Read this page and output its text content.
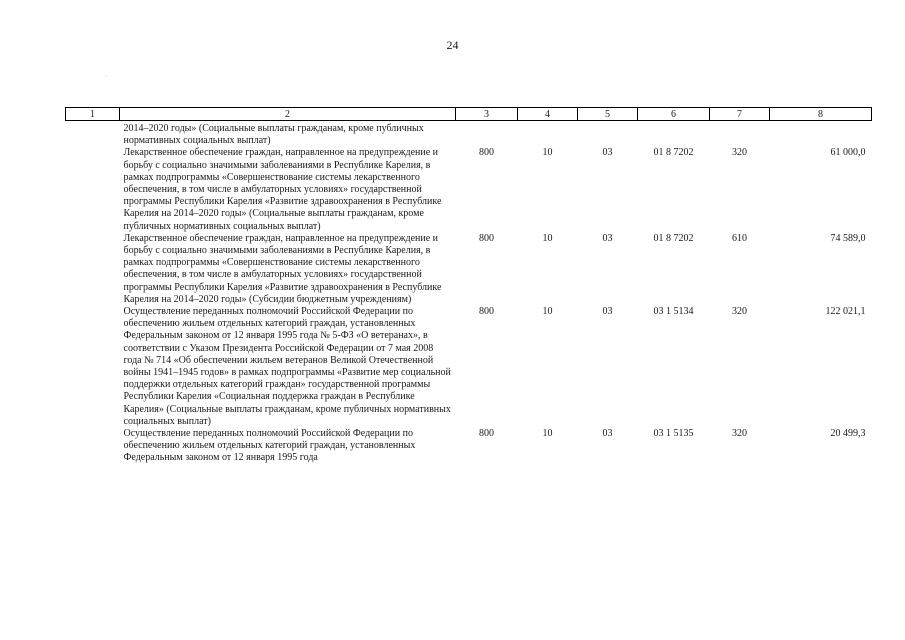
24
·
1	2	3	4	5	6	7	8
	2014–2020 годы» (Социальные выплаты гражданам, кроме публичных нормативных социальных выплат)						
	Лекарственное обеспечение граждан, направленное на предупреждение и борьбу с социально значимыми заболеваниями в Республике Карелия, в рамках подпрограммы «Совершенствование системы лекарственного обеспечения, в том числе в амбулаторных условиях» государственной программы Республики Карелия «Развитие здравоохранения в Республике Карелия на 2014–2020 годы» (Социальные выплаты гражданам, кроме публичных нормативных социальных выплат)	800	10	03	01 8 7202	320	61 000,0
	Лекарственное обеспечение граждан, направленное на предупреждение и борьбу с социально значимыми заболеваниями в Республике Карелия, в рамках подпрограммы «Совершенствование системы лекарственного обеспечения, в том числе в амбулаторных условиях» государственной программы Республики Карелия «Развитие здравоохранения в Республике Карелия на 2014–2020 годы» (Субсидии бюджетным учреждениям)	800	10	03	01 8 7202	610	74 589,0
	Осуществление переданных полномочий Российской Федерации по обеспечению жильем отдельных категорий граждан, установленных Федеральным законом от 12 января 1995 года № 5-ФЗ «О ветеранах», в соответствии с Указом Президента Российской Федерации от 7 мая 2008 года № 714 «Об обеспечении жильем ветеранов Великой Отечественной войны 1941–1945 годов» в рамках подпрограммы «Развитие мер социальной поддержки отдельных категорий граждан» государственной программы Республики Карелия «Социальная поддержка граждан в Республике Карелия» (Социальные выплаты гражданам, кроме публичных нормативных социальных выплат)	800	10	03	03 1 5134	320	122 021,1
	Осуществление переданных полномочий Российской Федерации по обеспечению жильем отдельных категорий граждан, установленных Федеральным законом от 12 января 1995 года	800	10	03	03 1 5135	320	20 499,3
